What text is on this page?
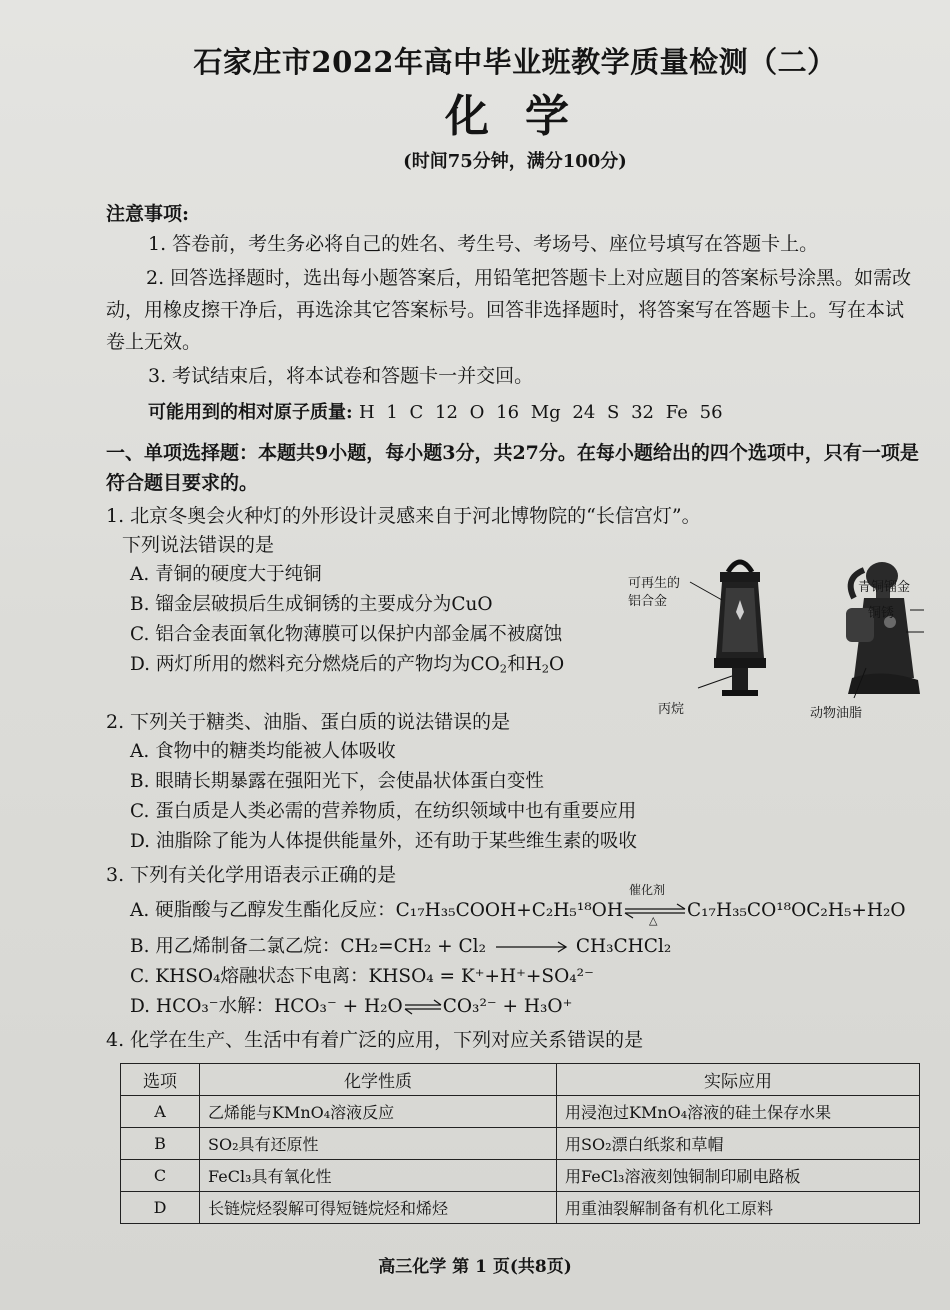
石家庄市2022年高中毕业班教学质量检测（二）
化学
(时间75分钟，满分100分)
注意事项:

1. 答卷前，考生务必将自己的姓名、考生号、考场号、座位号填写在答题卡上。

2. 回答选择题时，选出每小题答案后，用铅笔把答题卡上对应题目的答案标号涂黑。如需改动，用橡皮擦干净后，再选涂其它答案标号。回答非选择题时，将答案写在答题卡上。写在本试卷上无效。

3. 考试结束后，将本试卷和答题卡一并交回。

可能用到的相对原子质量: H 1 C 12 O 16 Mg 24 S 32 Fe 56
一、单项选择题：本题共9小题，每小题3分，共27分。在每小题给出的四个选项中，只有一项是符合题目要求的。
1. 北京冬奥会火种灯的外形设计灵感来自于河北博物院的“长信宫灯”。
下列说法错误的是
A. 青铜的硬度大于纯铜
B. 镏金层破损后生成铜锈的主要成分为CuO
C. 铝合金表面氧化物薄膜可以保护内部金属不被腐蚀
D. 两灯所用的燃料充分燃烧后的产物均为$CO_2$和$H_2O$
可再生的
铝合金
丙烷
青铜镏金
铜锈
动物油脂
2. 下列关于糖类、油脂、蛋白质的说法错误的是
A. 食物中的糖类均能被人体吸收
B. 眼睛长期暴露在强阳光下，会使晶状体蛋白变性
C. 蛋白质是人类必需的营养物质，在纺织领域中也有重要应用
D. 油脂除了能为人体提供能量外，还有助于某些维生素的吸收
3. 下列有关化学用语表示正确的是
A. 硬脂酸与乙醇发生酯化反应：C₁₇H₃₅COOH+C₂H₅¹⁸OH
催化剂
△ C₁₇H₃₅CO¹⁸OC₂H₅+H₂O
B. 用乙烯制备二氯乙烷：CH₂=CH₂ + Cl₂	CH₃CHCl₂
C. KHSO₄熔融状态下电离：KHSO₄ = K⁺+H⁺+SO₄²⁻
D. HCO₃⁻水解：HCO₃⁻ + H₂O⇌CO₃²⁻ + H₃O⁺
4. 化学在生产、生活中有着广泛的应用，下列对应关系错误的是
选项	化学性质	实际应用
A	乙烯能与KMnO₄溶液反应	用浸泡过KMnO₄溶液的硅土保存水果
B	SO₂具有还原性	用SO₂漂白纸浆和草帽
C	FeCl₃具有氧化性	用FeCl₃溶液刻蚀铜制印刷电路板
D	长链烷烃裂解可得短链烷烃和烯烃	用重油裂解制备有机化工原料
高三化学 第 1 页(共8页)
